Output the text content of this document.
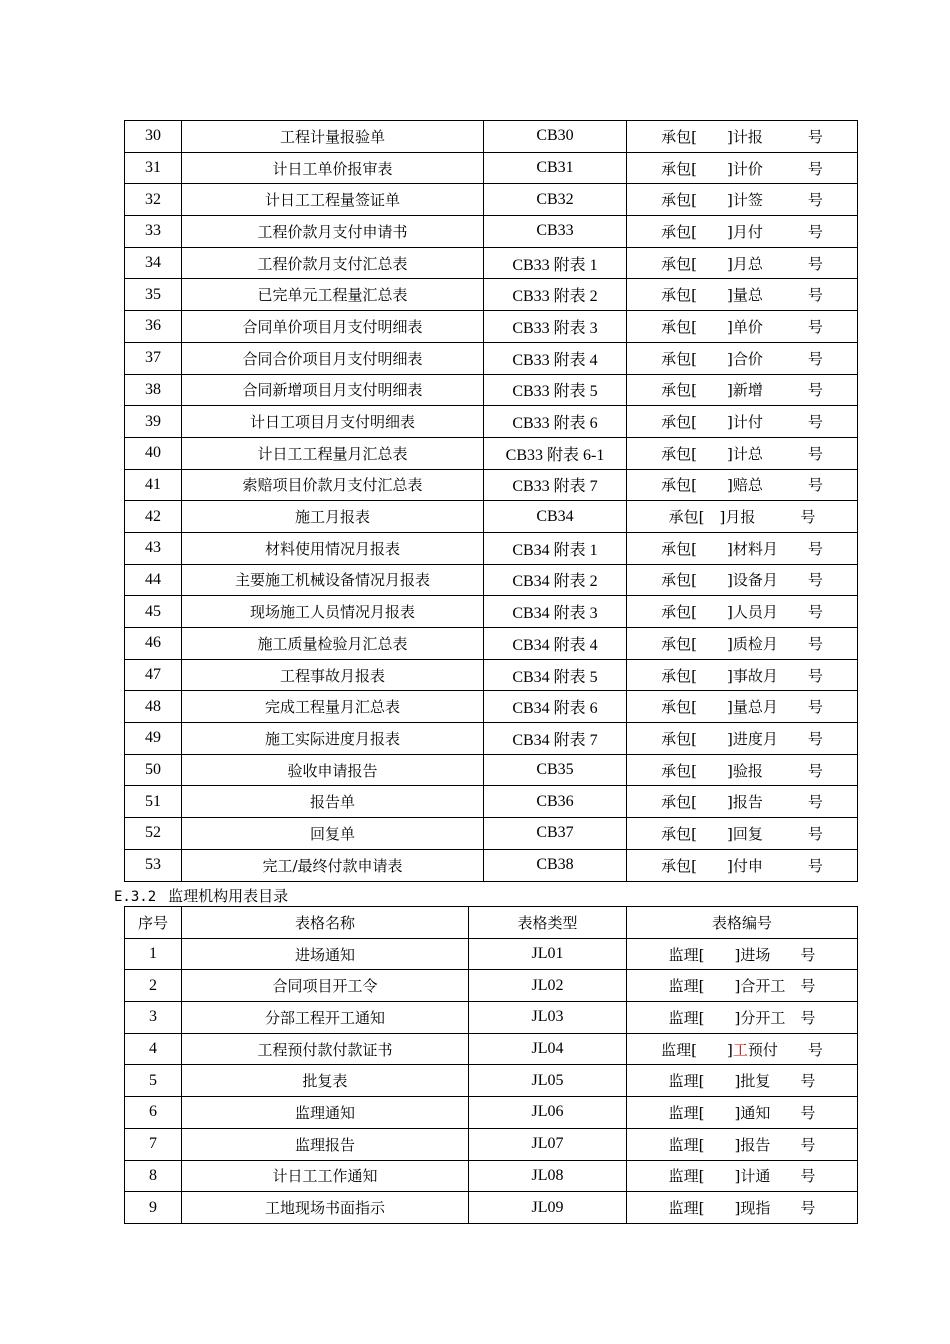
30	工程计量报验单	CB30	承包[　　]计报　　　号
31	计日工单价报审表	CB31	承包[　　]计价　　　号
32	计日工工程量签证单	CB32	承包[　　]计签　　　号
33	工程价款月支付申请书	CB33	承包[　　]月付　　　号
34	工程价款月支付汇总表	CB33 附表 1	承包[　　]月总　　　号
35	已完单元工程量汇总表	CB33 附表 2	承包[　　]量总　　　号
36	合同单价项目月支付明细表	CB33 附表 3	承包[　　]单价　　　号
37	合同合价项目月支付明细表	CB33 附表 4	承包[　　]合价　　　号
38	合同新增项目月支付明细表	CB33 附表 5	承包[　　]新增　　　号
39	计日工项目月支付明细表	CB33 附表 6	承包[　　]计付　　　号
40	计日工工程量月汇总表	CB33 附表 6-1	承包[　　]计总　　　号
41	索赔项目价款月支付汇总表	CB33 附表 7	承包[　　]赔总　　　号
42	施工月报表	CB34	承包[　]月报　　　号
43	材料使用情况月报表	CB34 附表 1	承包[　　]材料月　　号
44	主要施工机械设备情况月报表	CB34 附表 2	承包[　　]设备月　　号
45	现场施工人员情况月报表	CB34 附表 3	承包[　　]人员月　　号
46	施工质量检验月汇总表	CB34 附表 4	承包[　　]质检月　　号
47	工程事故月报表	CB34 附表 5	承包[　　]事故月　　号
48	完成工程量月汇总表	CB34 附表 6	承包[　　]量总月　　号
49	施工实际进度月报表	CB34 附表 7	承包[　　]进度月　　号
50	验收申请报告	CB35	承包[　　]验报　　　号
51	报告单	CB36	承包[　　]报告　　　号
52	回复单	CB37	承包[　　]回复　　　号
53	完工/最终付款申请表	CB38	承包[　　]付申　　　号
E.3.2 监理机构用表目录
序号	表格名称	表格类型	表格编号
1	进场通知	JL01	监理[　　]进场　　号
2	合同项目开工令	JL02	监理[　　]合开工　号
3	分部工程开工通知	JL03	监理[　　]分开工　号
4	工程预付款付款证书	JL04	监理[　　]工预付　　号
5	批复表	JL05	监理[　　]批复　　号
6	监理通知	JL06	监理[　　]通知　　号
7	监理报告	JL07	监理[　　]报告　　号
8	计日工工作通知	JL08	监理[　　]计通　　号
9	工地现场书面指示	JL09	监理[　　]现指　　号
